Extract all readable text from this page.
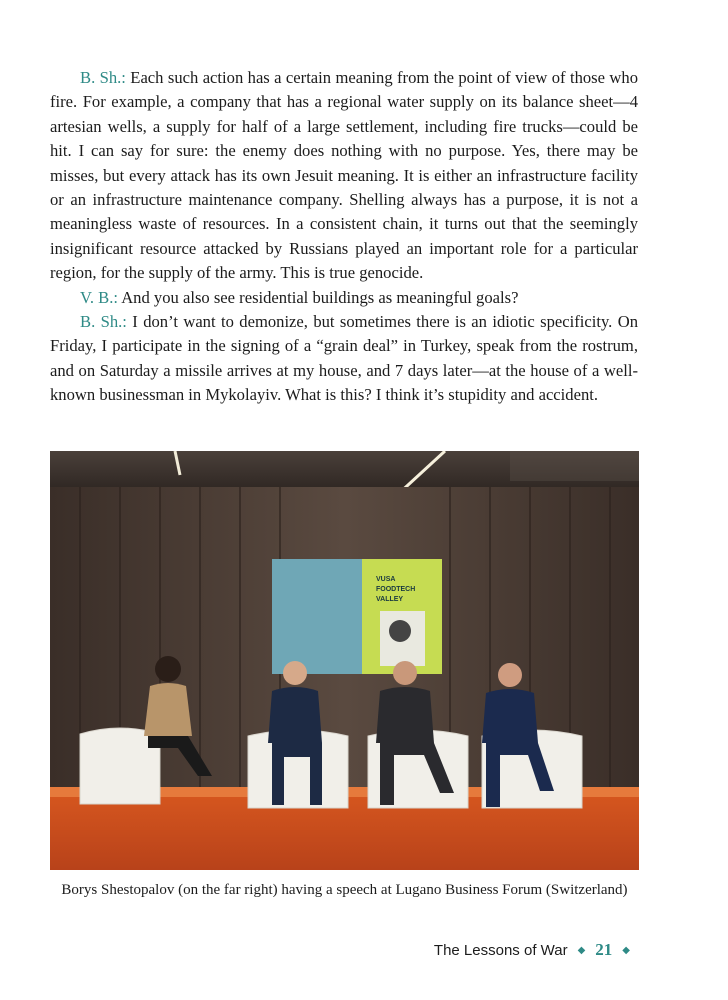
B. Sh.: Each such action has a certain meaning from the point of view of those who fire. For example, a company that has a regional water supply on its balance sheet—4 artesian wells, a supply for half of a large settlement, including fire trucks—could be hit. I can say for sure: the enemy does nothing with no purpose. Yes, there may be misses, but every attack has its own Jesuit meaning. It is either an infrastructure facility or an infrastructure maintenance company. Shelling always has a purpose, it is not a meaningless waste of resources. In a consistent chain, it turns out that the seemingly insignificant resource attacked by Russians played an important role for a particular region, for the supply of the army. This is true genocide.

V. B.: And you also see residential buildings as meaningful goals?

B. Sh.: I don’t want to demonize, but sometimes there is an idiotic specificity. On Friday, I participate in the signing of a “grain deal” in Turkey, speak from the rostrum, and on Saturday a missile arrives at my house, and 7 days later—at the house of a well-known businessman in Mykolayiv. What is this? I think it’s stupidity and accident.

VUSA
FOODTECH
VALLEY
Borys Shestopalov (on the far right) having a speech at Lugano Business Forum (Switzerland)
The Lessons of War ◆ 21 ◆
